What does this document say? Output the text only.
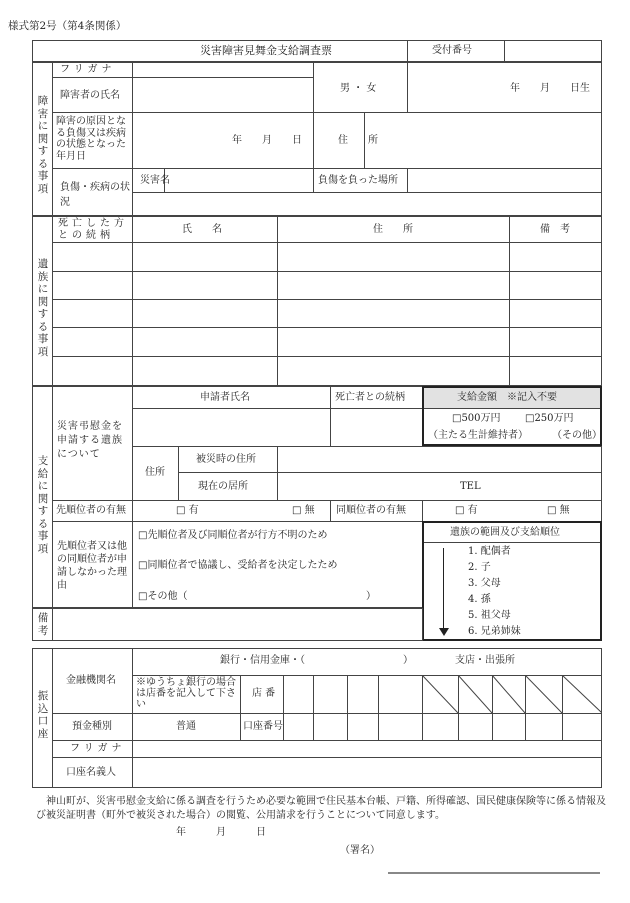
様式第2号（第4条関係）
災害障害見舞金支給調査票	受付番号
障害に関する事項
フリガナ
障害者の氏名
男 ・ 女	年　　月　　日生
障害の原因となる負傷又は疾病の状態となった年月日
年　　月　　日	住　　所
負傷・疾病の状　　況
災害名	負傷を負った場所
遺族に関する事項
死亡した方との続柄	氏　　名	住　　所	備　考
支給に関する事項
申請者氏名	死亡者との続柄
災害弔慰金を申請する遺族について
支給金額　※記入不要
□500万円 □250万円
（主たる生計維持者） （その他）
住所
被災時の住所
現在の居所	TEL
先順位者の有無	□ 有	□ 無 同順位者の有無	□ 有	□ 無
先順位者又は他の同順位者が申請しなかった理由
□先順位者及び同順位者が行方不明のため
□同順位者で協議し、受給者を決定したため
□その他（	）
遺族の範囲及び支給順位
1. 配偶者
2. 子
3. 父母
4. 孫
5. 祖父母
6. 兄弟姉妹
備考
振込口座
金融機関名
銀行・信用金庫・（	）	支店・出張所
※ゆうちょ銀行の場合は店番を記入して下さい
店 番
預金種別	普通	口座番号
フリガナ
口座名義人
神山町が、災害弔慰金支給に係る調査を行うため必要な範囲で住民基本台帳、戸籍、所得確認、国民健康保険等に係る情報及び被災証明書（町外で被災された場合）の閲覧、公用請求を行うことについて同意します。
年　　　月　　　日
（署名）
